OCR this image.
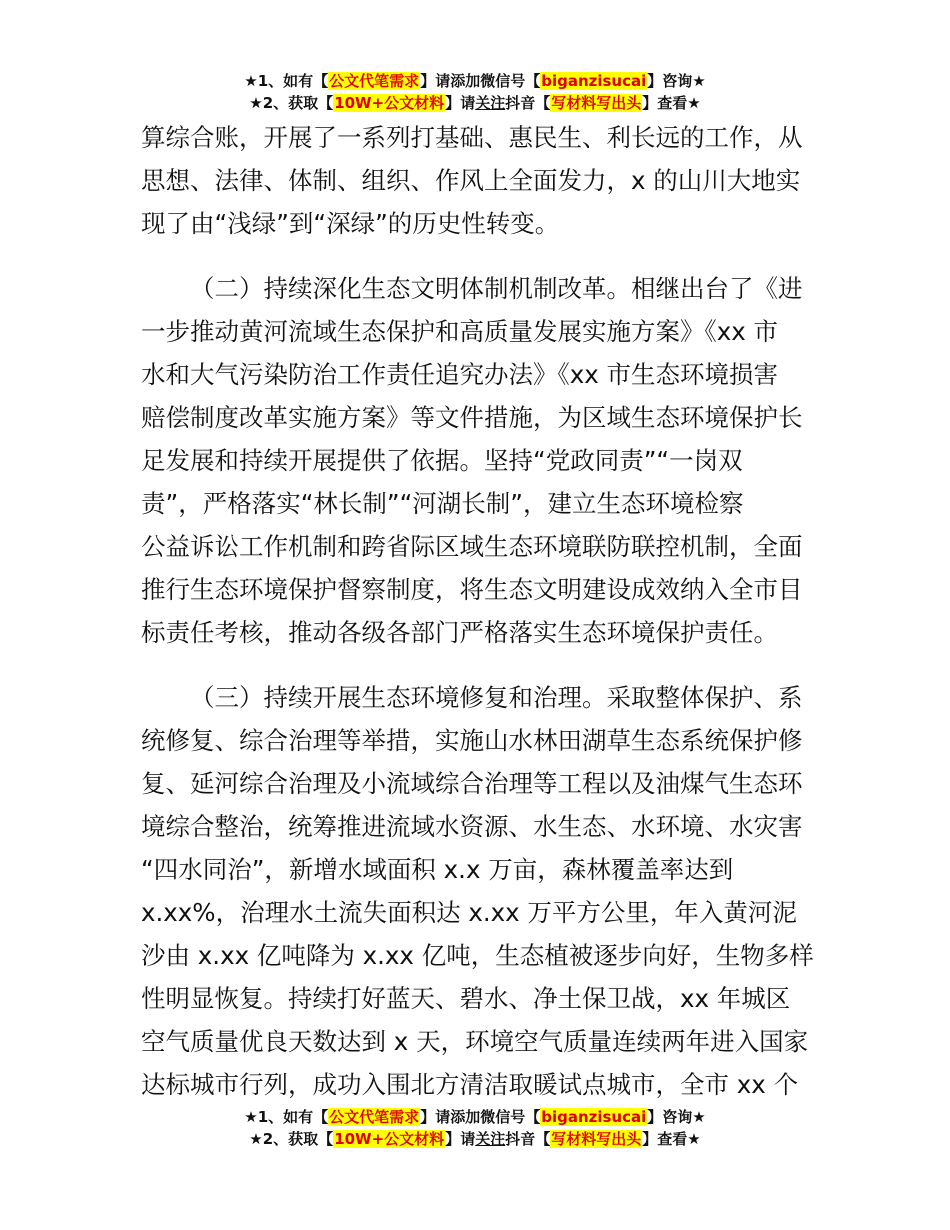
★1、如有【公文代笔需求】请添加微信号【biganzisucai】咨询★
★2、获取【10W+公文材料】请关注抖音【写材料写出头】查看★
算综合账，开展了一系列打基础、惠民生、利长远的工作，从
思想、法律、体制、组织、作风上全面发力，x 的山川大地实
现了由“浅绿”到“深绿”的历史性转变。
（二）持续深化生态文明体制机制改革。相继出台了《进
一步推动黄河流域生态保护和高质量发展实施方案》《xx 市
水和大气污染防治工作责任追究办法》《xx 市生态环境损害
赔偿制度改革实施方案》等文件措施，为区域生态环境保护长
足发展和持续开展提供了依据。坚持“党政同责”“一岗双
责”，严格落实“林长制”“河湖长制”，建立生态环境检察
公益诉讼工作机制和跨省际区域生态环境联防联控机制，全面
推行生态环境保护督察制度，将生态文明建设成效纳入全市目
标责任考核，推动各级各部门严格落实生态环境保护责任。
（三）持续开展生态环境修复和治理。采取整体保护、系
统修复、综合治理等举措，实施山水林田湖草生态系统保护修
复、延河综合治理及小流域综合治理等工程以及油煤气生态环
境综合整治，统筹推进流域水资源、水生态、水环境、水灾害
“四水同治”，新增水域面积 x.x 万亩，森林覆盖率达到
x.xx%，治理水土流失面积达 x.xx 万平方公里，年入黄河泥
沙由 x.xx 亿吨降为 x.xx 亿吨，生态植被逐步向好，生物多样
性明显恢复。持续打好蓝天、碧水、净土保卫战，xx 年城区
空气质量优良天数达到 x 天，环境空气质量连续两年进入国家
达标城市行列，成功入围北方清洁取暖试点城市，全市 xx 个
★1、如有【公文代笔需求】请添加微信号【biganzisucai】咨询★
★2、获取【10W+公文材料】请关注抖音【写材料写出头】查看★
